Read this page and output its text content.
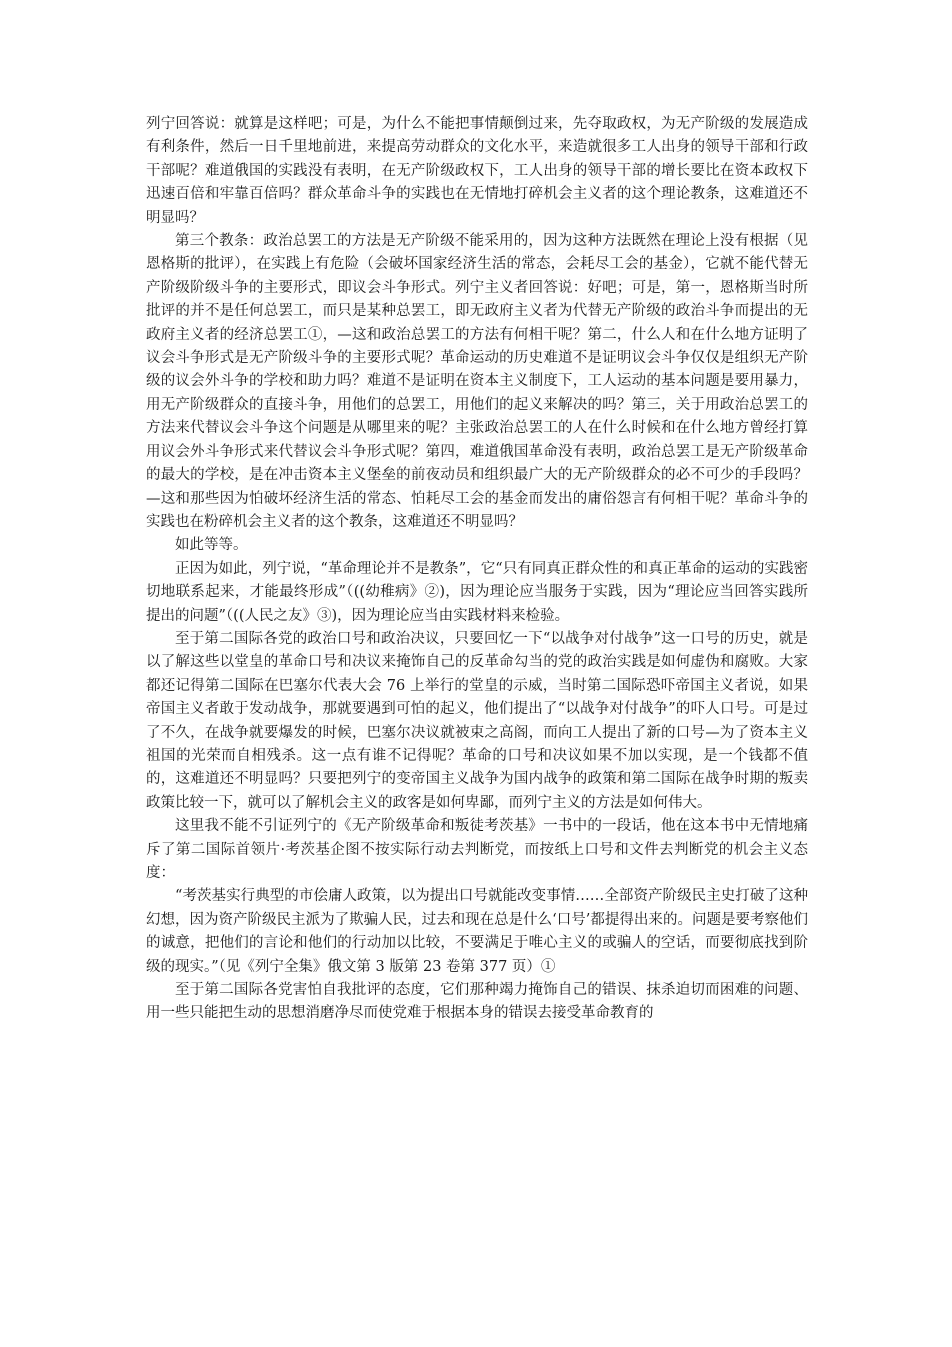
列宁回答说：就算是这样吧；可是，为什么不能把事情颠倒过来，先夺取政权，为无产阶级的发展造成有利条件，然后一日千里地前进，来提高劳动群众的文化水平，来造就很多工人出身的领导干部和行政干部呢？难道俄国的实践没有表明，在无产阶级政权下，工人出身的领导干部的增长要比在资本政权下迅速百倍和牢靠百倍吗？群众革命斗争的实践也在无情地打碎机会主义者的这个理论教条，这难道还不明显吗？

第三个教条：政治总罢工的方法是无产阶级不能采用的，因为这种方法既然在理论上没有根据（见恩格斯的批评），在实践上有危险（会破坏国家经济生活的常态，会耗尽工会的基金），它就不能代替无产阶级阶级斗争的主要形式，即议会斗争形式。列宁主义者回答说：好吧；可是，第一，恩格斯当时所批评的并不是任何总罢工，而只是某种总罢工，即无政府主义者为代替无产阶级的政治斗争而提出的无政府主义者的经济总罢工①，—这和政治总罢工的方法有何相干呢？第二，什么人和在什么地方证明了议会斗争形式是无产阶级斗争的主要形式呢？革命运动的历史难道不是证明议会斗争仅仅是组织无产阶级的议会外斗争的学校和助力吗？难道不是证明在资本主义制度下，工人运动的基本问题是要用暴力，用无产阶级群众的直接斗争，用他们的总罢工，用他们的起义来解决的吗？第三，关于用政治总罢工的方法来代替议会斗争这个问题是从哪里来的呢？主张政治总罢工的人在什么时候和在什么地方曾经打算用议会外斗争形式来代替议会斗争形式呢？第四，难道俄国革命没有表明，政治总罢工是无产阶级革命的最大的学校，是在冲击资本主义堡垒的前夜动员和组织最广大的无产阶级群众的必不可少的手段吗？—这和那些因为怕破坏经济生活的常态、怕耗尽工会的基金而发出的庸俗怨言有何相干呢？革命斗争的实践也在粉碎机会主义者的这个教条，这难道还不明显吗？

如此等等。

正因为如此，列宁说，“革命理论并不是教条”，它“只有同真正群众性的和真正革命的运动的实践密切地联系起来，才能最终形成”（((幼稚病》②)，因为理论应当服务于实践，因为“理论应当回答实践所提出的问题”（((人民之友》③)，因为理论应当由实践材料来检验。

至于第二国际各党的政治口号和政治决议，只要回忆一下“以战争对付战争”这一口号的历史，就是以了解这些以堂皇的革命口号和决议来掩饰自己的反革命勾当的党的政治实践是如何虚伪和腐败。大家都还记得第二国际在巴塞尔代表大会 76 上举行的堂皇的示威，当时第二国际恐吓帝国主义者说，如果帝国主义者敢于发动战争，那就要遇到可怕的起义，他们提出了“以战争对付战争”的吓人口号。可是过了不久，在战争就要爆发的时候，巴塞尔决议就被束之高阁，而向工人提出了新的口号—为了资本主义祖国的光荣而自相残杀。这一点有谁不记得呢？革命的口号和决议如果不加以实现，是一个钱都不值的，这难道还不明显吗？只要把列宁的变帝国主义战争为国内战争的政策和第二国际在战争时期的叛卖政策比较一下，就可以了解机会主义的政客是如何卑鄙，而列宁主义的方法是如何伟大。

这里我不能不引证列宁的《无产阶级革命和叛徒考茨基》一书中的一段话，他在这本书中无情地痛斥了第二国际首领片·考茨基企图不按实际行动去判断党，而按纸上口号和文件去判断党的机会主义态度：

“考茨基实行典型的市侩庸人政策，以为提出口号就能改变事情……全部资产阶级民主史打破了这种幻想，因为资产阶级民主派为了欺骗人民，过去和现在总是什么‘口号’都提得出来的。问题是要考察他们的诚意，把他们的言论和他们的行动加以比较，不要满足于唯心主义的或骗人的空话，而要彻底找到阶级的现实。”（见《列宁全集》俄文第 3 版第 23 卷第 377 页）①

至于第二国际各党害怕自我批评的态度，它们那种竭力掩饰自己的错误、抹杀迫切而困难的问题、用一些只能把生动的思想消磨净尽而使党难于根据本身的错误去接受革命教育的
